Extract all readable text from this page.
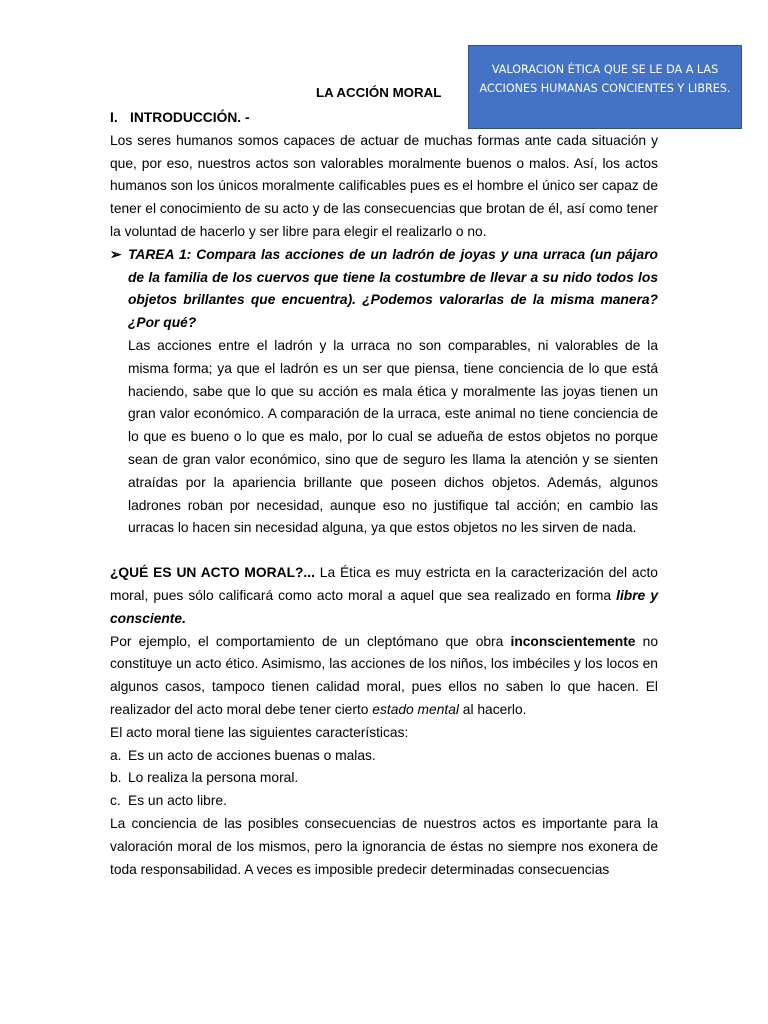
VALORACION ÉTICA QUE SE LE DA A LAS ACCIONES HUMANAS CONCIENTES Y LIBRES.
LA ACCIÓN MORAL

I. INTRODUCCIÓN. -

Los seres humanos somos capaces de actuar de muchas formas ante cada situación y que, por eso, nuestros actos son valorables moralmente buenos o malos. Así, los actos humanos son los únicos moralmente calificables pues es el hombre el único ser capaz de tener el conocimiento de su acto y de las consecuencias que brotan de él, así como tener la voluntad de hacerlo y ser libre para elegir el realizarlo o no.

➢ TAREA 1: Compara las acciones de un ladrón de joyas y una urraca (un pájaro de la familia de los cuervos que tiene la costumbre de llevar a su nido todos los objetos brillantes que encuentra). ¿Podemos valorarlas de la misma manera? ¿Por qué?

Las acciones entre el ladrón y la urraca no son comparables, ni valorables de la misma forma; ya que el ladrón es un ser que piensa, tiene conciencia de lo que está haciendo, sabe que lo que su acción es mala ética y moralmente las joyas tienen un gran valor económico. A comparación de la urraca, este animal no tiene conciencia de lo que es bueno o lo que es malo, por lo cual se adueña de estos objetos no porque sean de gran valor económico, sino que de seguro les llama la atención y se sienten atraídas por la apariencia brillante que poseen dichos objetos. Además, algunos ladrones roban por necesidad, aunque eso no justifique tal acción; en cambio las urracas lo hacen sin necesidad alguna, ya que estos objetos no les sirven de nada.

¿QUÉ ES UN ACTO MORAL?... La Ética es muy estricta en la caracterización del acto moral, pues sólo calificará como acto moral a aquel que sea realizado en forma libre y consciente.

Por ejemplo, el comportamiento de un cleptómano que obra inconscientemente no constituye un acto ético. Asimismo, las acciones de los niños, los imbéciles y los locos en algunos casos, tampoco tienen calidad moral, pues ellos no saben lo que hacen. El realizador del acto moral debe tener cierto estado mental al hacerlo.

El acto moral tiene las siguientes características:

a. Es un acto de acciones buenas o malas.

b. Lo realiza la persona moral.

c. Es un acto libre.

La conciencia de las posibles consecuencias de nuestros actos es importante para la valoración moral de los mismos, pero la ignorancia de éstas no siempre nos exonera de toda responsabilidad. A veces es imposible predecir determinadas consecuencias
